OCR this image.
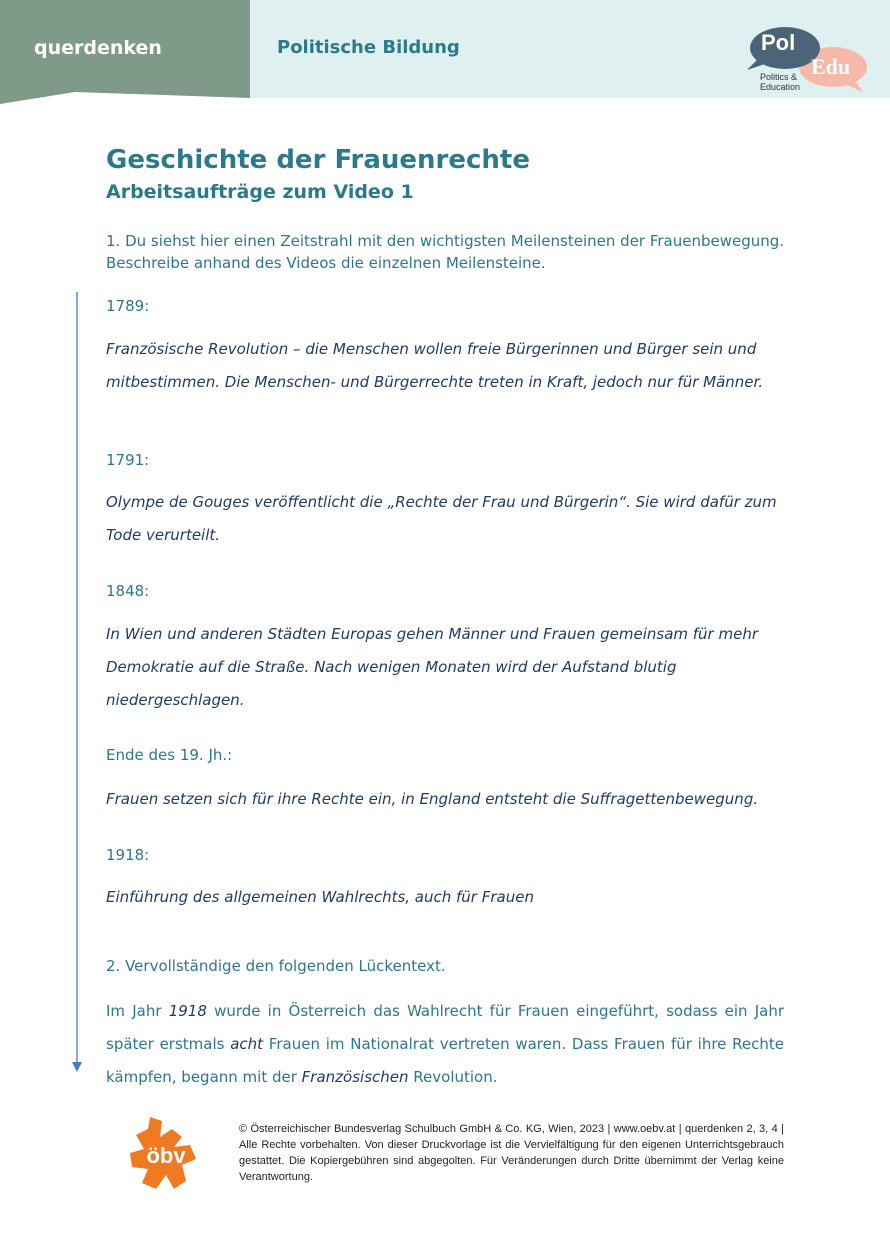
querdenken	Politische Bildung	Pol
Edu
Politics &
Education
Geschichte der Frauenrechte
Arbeitsaufträge zum Video 1

1. Du siehst hier einen Zeitstrahl mit den wichtigsten Meilensteinen der Frauenbewegung. Beschreibe anhand des Videos die einzelnen Meilensteine.

1789:
Französische Revolution – die Menschen wollen freie Bürgerinnen und Bürger sein und
mitbestimmen. Die Menschen- und Bürgerrechte treten in Kraft, jedoch nur für Männer.
1791:
Olympe de Gouges veröffentlicht die „Rechte der Frau und Bürgerin“. Sie wird dafür zum
Tode verurteilt.
1848:
In Wien und anderen Städten Europas gehen Männer und Frauen gemeinsam für mehr
Demokratie auf die Straße. Nach wenigen Monaten wird der Aufstand blutig
niedergeschlagen.
Ende des 19. Jh.:
Frauen setzen sich für ihre Rechte ein, in England entsteht die Suffragettenbewegung.
1918:
Einführung des allgemeinen Wahlrechts, auch für Frauen

2. Vervollständige den folgenden Lückentext.

Im Jahr 1918 wurde in Österreich das Wahlrecht für Frauen eingeführt, sodass ein Jahr später erstmals acht Frauen im Nationalrat vertreten waren. Dass Frauen für ihre Rechte kämpfen, begann mit der Französischen Revolution.

öbv

© Österreichischer Bundesverlag Schulbuch GmbH & Co. KG, Wien, 2023 | www.oebv.at | querdenken 2, 3, 4 | Alle Rechte vorbehalten. Von dieser Druckvorlage ist die Vervielfältigung für den eigenen Unterrichtsgebrauch gestattet. Die Kopiergebühren sind abgegolten. Für Veränderungen durch Dritte übernimmt der Verlag keine Verantwortung.
